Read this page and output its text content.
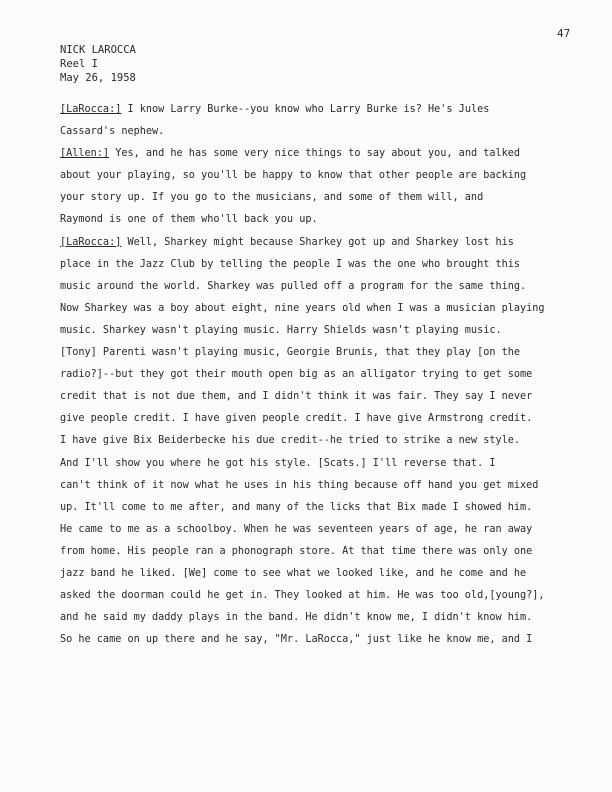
47
NICK LAROCCA
Reel I
May 26, 1958
[LaRocca:] I know Larry Burke--you know who Larry Burke is? He's Jules
Cassard's nephew.
[Allen:] Yes, and he has some very nice things to say about you, and talked
about your playing, so you'll be happy to know that other people are backing
your story up. If you go to the musicians, and some of them will, and
Raymond is one of them who'll back you up.
[LaRocca:] Well, Sharkey might because Sharkey got up and Sharkey lost his
place in the Jazz Club by telling the people I was the one who brought this
music around the world. Sharkey was pulled off a program for the same thing.
Now Sharkey was a boy about eight, nine years old when I was a musician playing
music. Sharkey wasn't playing music. Harry Shields wasn't playing music.
[Tony] Parenti wasn't playing music, Georgie Brunis, that they play [on the
radio?]--but they got their mouth open big as an alligator trying to get some
credit that is not due them, and I didn't think it was fair. They say I never
give people credit. I have given people credit. I have give Armstrong credit.
I have give Bix Beiderbecke his due credit--he tried to strike a new style.
And I'll show you where he got his style. [Scats.] I'll reverse that. I
can't think of it now what he uses in his thing because off hand you get mixed
up. It'll come to me after, and many of the licks that Bix made I showed him.
He came to me as a schoolboy. When he was seventeen years of age, he ran away
from home. His people ran a phonograph store. At that time there was only one
jazz band he liked. [We] come to see what we looked like, and he come and he
asked the doorman could he get in. They looked at him. He was too old,[young?],
and he said my daddy plays in the band. He didn't know me, I didn't know him.
So he came on up there and he say, "Mr. LaRocca," just like he know me, and I
